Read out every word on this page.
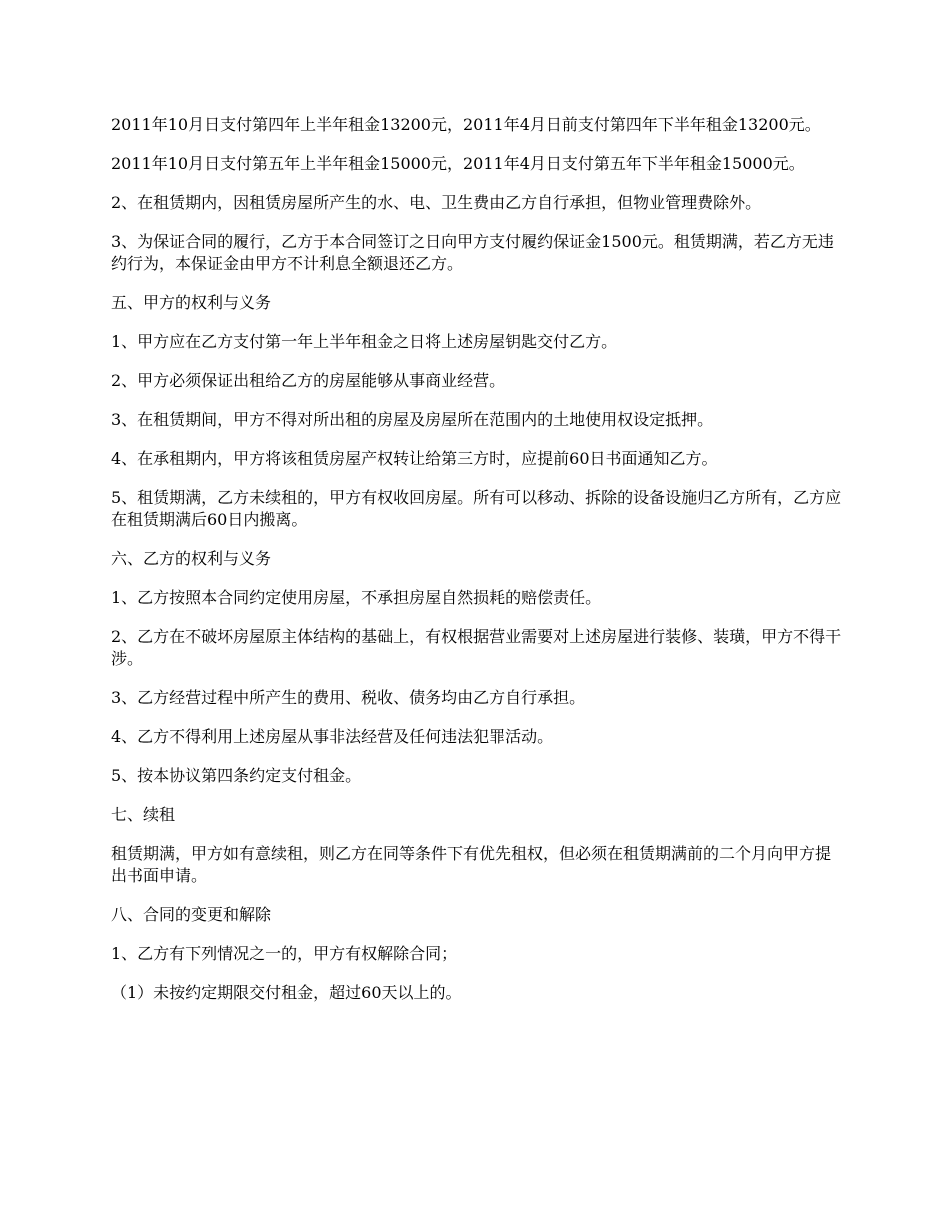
2011年10月日支付第四年上半年租金13200元，2011年4月日前支付第四年下半年租金13200元。

2011年10月日支付第五年上半年租金15000元，2011年4月日支付第五年下半年租金15000元。

2、在租赁期内，因租赁房屋所产生的水、电、卫生费由乙方自行承担，但物业管理费除外。

3、为保证合同的履行，乙方于本合同签订之日向甲方支付履约保证金1500元。租赁期满，若乙方无违约行为，本保证金由甲方不计利息全额退还乙方。

五、甲方的权利与义务

1、甲方应在乙方支付第一年上半年租金之日将上述房屋钥匙交付乙方。

2、甲方必须保证出租给乙方的房屋能够从事商业经营。

3、在租赁期间，甲方不得对所出租的房屋及房屋所在范围内的土地使用权设定抵押。

4、在承租期内，甲方将该租赁房屋产权转让给第三方时，应提前60日书面通知乙方。

5、租赁期满，乙方未续租的，甲方有权收回房屋。所有可以移动、拆除的设备设施归乙方所有，乙方应在租赁期满后60日内搬离。

六、乙方的权利与义务

1、乙方按照本合同约定使用房屋，不承担房屋自然损耗的赔偿责任。

2、乙方在不破坏房屋原主体结构的基础上，有权根据营业需要对上述房屋进行装修、装璜，甲方不得干涉。

3、乙方经营过程中所产生的费用、税收、债务均由乙方自行承担。

4、乙方不得利用上述房屋从事非法经营及任何违法犯罪活动。

5、按本协议第四条约定支付租金。

七、续租

租赁期满，甲方如有意续租，则乙方在同等条件下有优先租权，但必须在租赁期满前的二个月向甲方提出书面申请。

八、合同的变更和解除

1、乙方有下列情况之一的，甲方有权解除合同；

（1）未按约定期限交付租金，超过60天以上的。
